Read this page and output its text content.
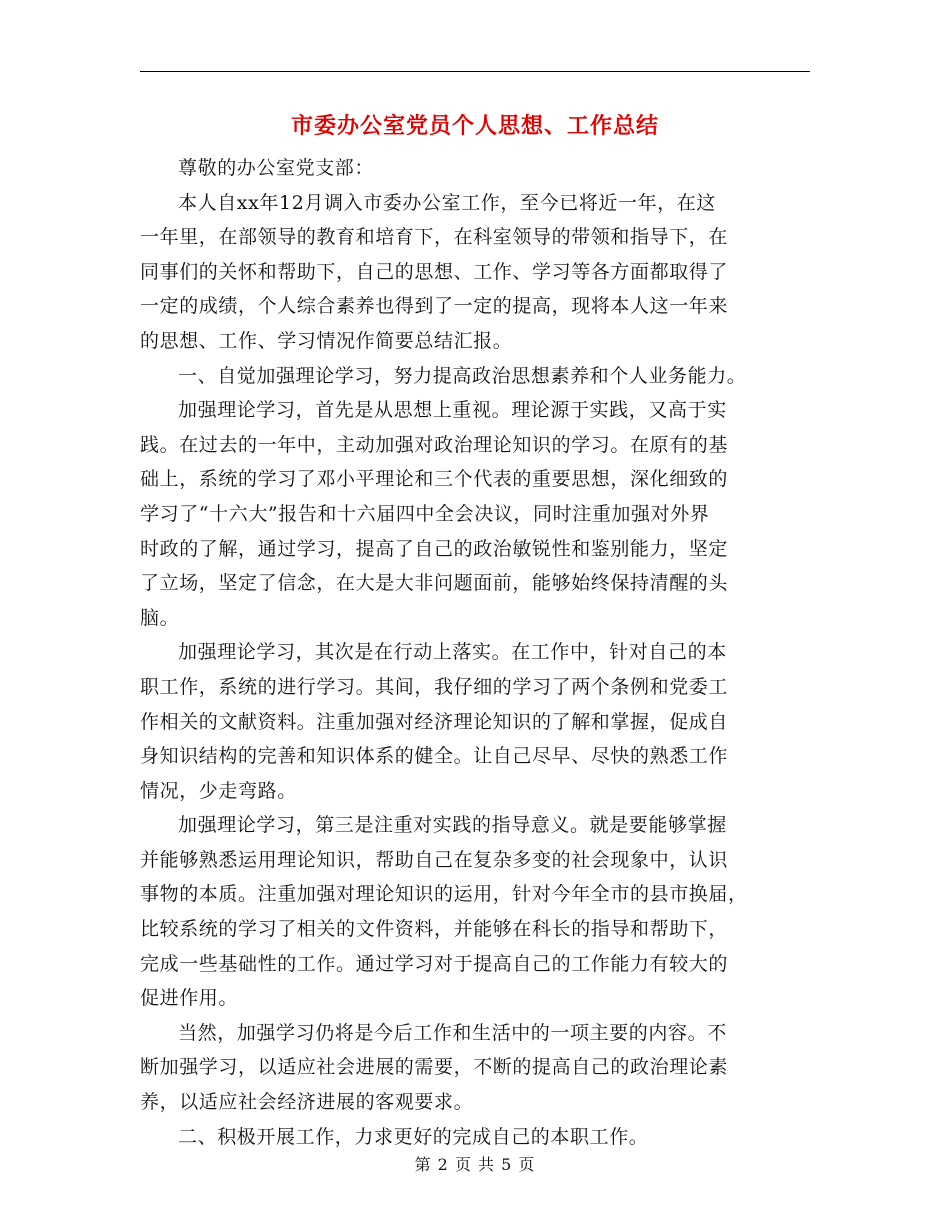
市委办公室党员个人思想、工作总结
尊敬的办公室党支部：
本人自xx年12月调入市委办公室工作，至今已将近一年，在这
一年里，在部领导的教育和培育下，在科室领导的带领和指导下，在
同事们的关怀和帮助下，自己的思想、工作、学习等各方面都取得了
一定的成绩，个人综合素养也得到了一定的提高，现将本人这一年来
的思想、工作、学习情况作简要总结汇报。
一、自觉加强理论学习，努力提高政治思想素养和个人业务能力。
加强理论学习，首先是从思想上重视。理论源于实践，又高于实
践。在过去的一年中，主动加强对政治理论知识的学习。在原有的基
础上，系统的学习了邓小平理论和三个代表的重要思想，深化细致的
学习了“十六大”报告和十六届四中全会决议，同时注重加强对外界
时政的了解，通过学习，提高了自己的政治敏锐性和鉴别能力，坚定
了立场，坚定了信念，在大是大非问题面前，能够始终保持清醒的头
脑。
加强理论学习，其次是在行动上落实。在工作中，针对自己的本
职工作，系统的进行学习。其间，我仔细的学习了两个条例和党委工
作相关的文献资料。注重加强对经济理论知识的了解和掌握，促成自
身知识结构的完善和知识体系的健全。让自己尽早、尽快的熟悉工作
情况，少走弯路。
加强理论学习，第三是注重对实践的指导意义。就是要能够掌握
并能够熟悉运用理论知识，帮助自己在复杂多变的社会现象中，认识
事物的本质。注重加强对理论知识的运用，针对今年全市的县市换届，
比较系统的学习了相关的文件资料，并能够在科长的指导和帮助下，
完成一些基础性的工作。通过学习对于提高自己的工作能力有较大的
促进作用。
当然，加强学习仍将是今后工作和生活中的一项主要的内容。不
断加强学习，以适应社会进展的需要，不断的提高自己的政治理论素
养，以适应社会经济进展的客观要求。
二、积极开展工作，力求更好的完成自己的本职工作。
第 2 页 共 5 页
